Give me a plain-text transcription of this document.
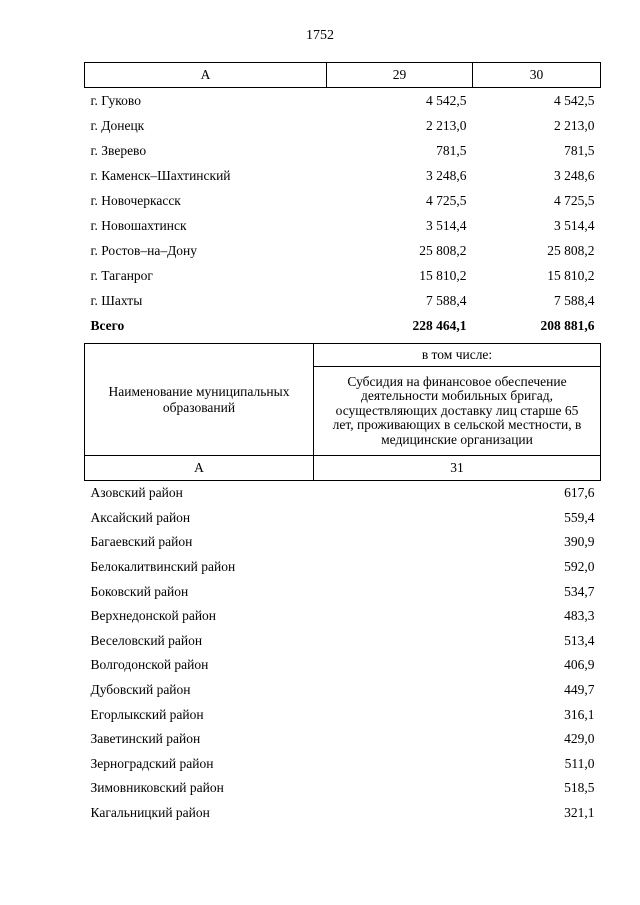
1752
А	29	30
г. Гуково	4 542,5	4 542,5
г. Донецк	2 213,0	2 213,0
г. Зверево	781,5	781,5
г. Каменск–Шахтинский	3 248,6	3 248,6
г. Новочеркасск	4 725,5	4 725,5
г. Новошахтинск	3 514,4	3 514,4
г. Ростов–на–Дону	25 808,2	25 808,2
г. Таганрог	15 810,2	15 810,2
г. Шахты	7 588,4	7 588,4
Всего	228 464,1	208 881,6
Наименование муниципальных образований	в том числе:
	Субсидия на финансовое обеспечение деятельности мобильных бригад, осуществляющих доставку лиц старше 65 лет, проживающих в сельской местности, в медицинские организации
А	31
Азовский район	617,6
Аксайский район	559,4
Багаевский район	390,9
Белокалитвинский район	592,0
Боковский район	534,7
Верхнедонской район	483,3
Веселовский район	513,4
Волгодонской район	406,9
Дубовский район	449,7
Егорлыкский район	316,1
Заветинский район	429,0
Зерноградский район	511,0
Зимовниковский район	518,5
Кагальницкий район	321,1
